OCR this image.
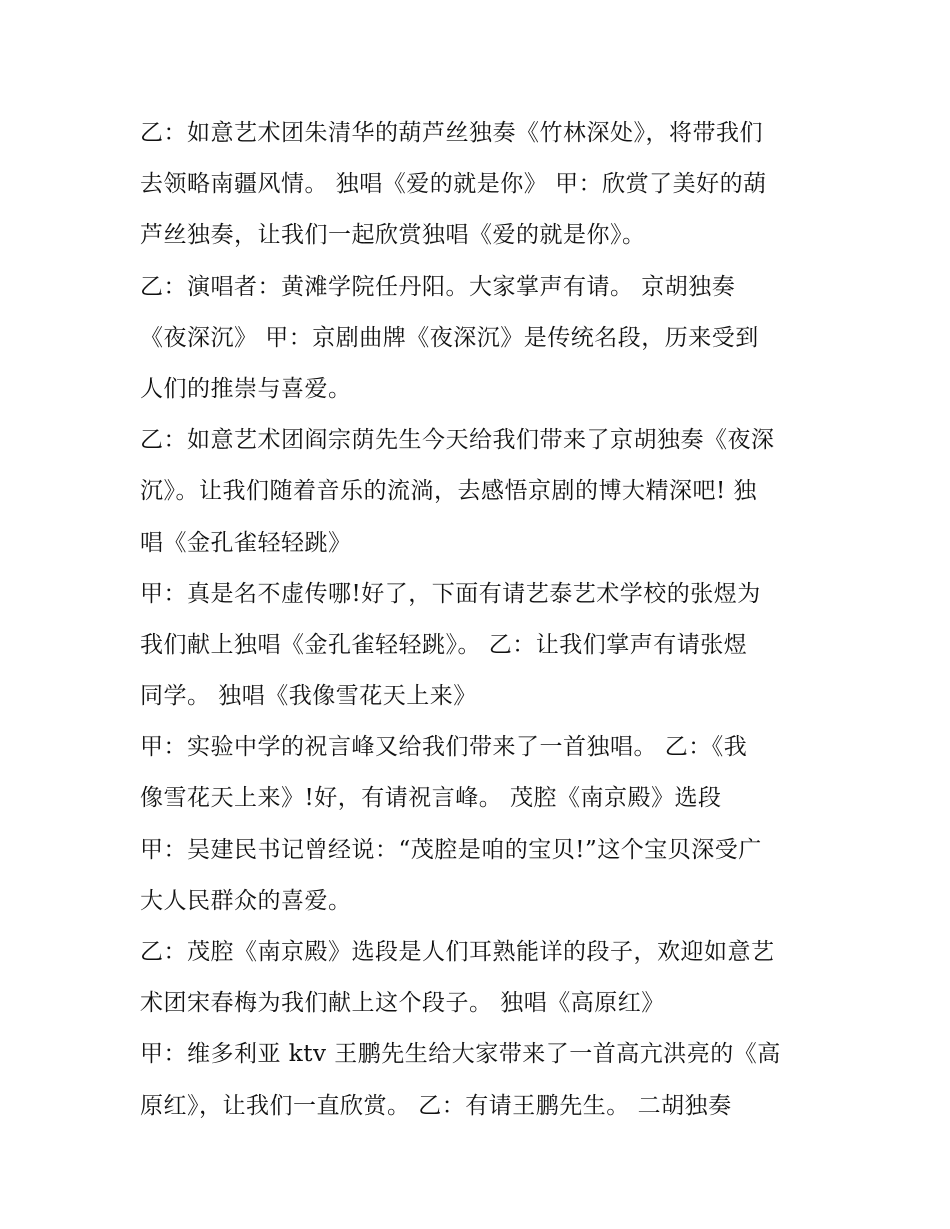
乙：如意艺术团朱清华的葫芦丝独奏《竹林深处》，将带我们
去领略南疆风情。 独唱《爱的就是你》 甲：欣赏了美好的葫
芦丝独奏，让我们一起欣赏独唱《爱的就是你》。
乙：演唱者：黄滩学院任丹阳。大家掌声有请。 京胡独奏
《夜深沉》 甲：京剧曲牌《夜深沉》是传统名段，历来受到
人们的推崇与喜爱。
乙：如意艺术团阎宗荫先生今天给我们带来了京胡独奏《夜深
沉》。让我们随着音乐的流淌，去感悟京剧的博大精深吧! 独
唱《金孔雀轻轻跳》
甲：真是名不虚传哪!好了，下面有请艺泰艺术学校的张煜为
我们献上独唱《金孔雀轻轻跳》。 乙：让我们掌声有请张煜
同学。 独唱《我像雪花天上来》
甲：实验中学的祝言峰又给我们带来了一首独唱。 乙：《我
像雪花天上来》!好，有请祝言峰。 茂腔《南京殿》选段
甲：吴建民书记曾经说：“茂腔是咱的宝贝!”这个宝贝深受广
大人民群众的喜爱。
乙：茂腔《南京殿》选段是人们耳熟能详的段子，欢迎如意艺
术团宋春梅为我们献上这个段子。 独唱《高原红》
甲：维多利亚 ktv 王鹏先生给大家带来了一首高亢洪亮的《高
原红》，让我们一直欣赏。 乙：有请王鹏先生。 二胡独奏
